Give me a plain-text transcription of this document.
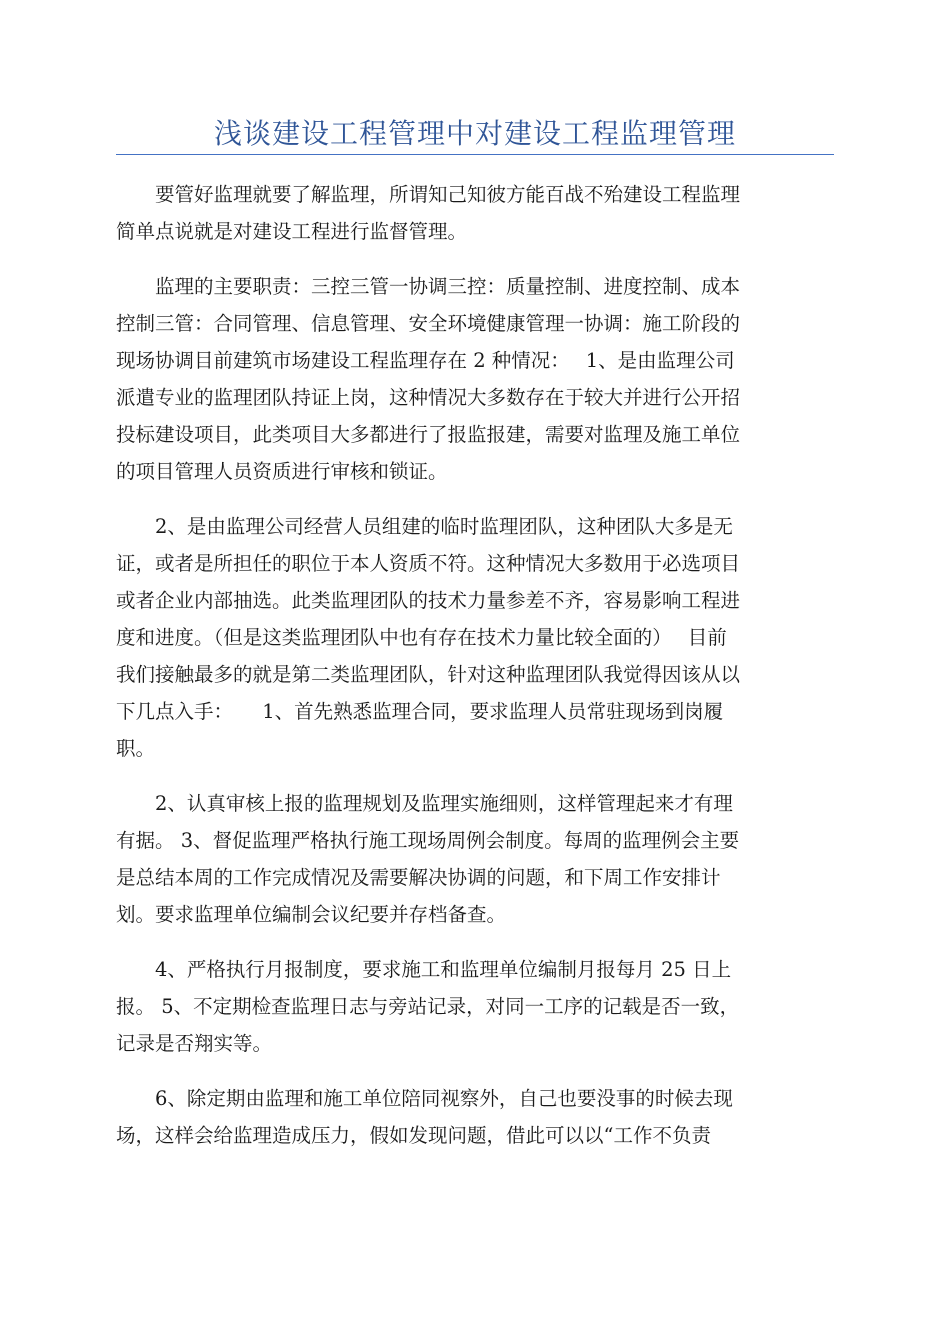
浅谈建设工程管理中对建设工程监理管理

　　要管好监理就要了解监理，所谓知己知彼方能百战不殆建设工程监理
简单点说就是对建设工程进行监督管理。

　　监理的主要职责：三控三管一协调三控：质量控制、进度控制、成本
控制三管：合同管理、信息管理、安全环境健康管理一协调：施工阶段的
现场协调目前建筑市场建设工程监理存在 2 种情况：　 1、是由监理公司
派遣专业的监理团队持证上岗，这种情况大多数存在于较大并进行公开招
投标建设项目，此类项目大多都进行了报监报建，需要对监理及施工单位
的项目管理人员资质进行审核和锁证。

　　2、是由监理公司经营人员组建的临时监理团队，这种团队大多是无
证，或者是所担任的职位于本人资质不符。这种情况大多数用于必选项目
或者企业内部抽选。此类监理团队的技术力量参差不齐，容易影响工程进
度和进度。（但是这类监理团队中也有存在技术力量比较全面的）　 目前
我们接触最多的就是第二类监理团队，针对这种监理团队我觉得因该从以
下几点入手：　　1、首先熟悉监理合同，要求监理人员常驻现场到岗履
职。

　　2、认真审核上报的监理规划及监理实施细则，这样管理起来才有理
有据。 3、督促监理严格执行施工现场周例会制度。每周的监理例会主要
是总结本周的工作完成情况及需要解决协调的问题，和下周工作安排计
划。要求监理单位编制会议纪要并存档备查。

　　4、严格执行月报制度，要求施工和监理单位编制月报每月 25 日上
报。 5、不定期检查监理日志与旁站记录，对同一工序的记载是否一致，
记录是否翔实等。

　　6、除定期由监理和施工单位陪同视察外，自己也要没事的时候去现
场，这样会给监理造成压力，假如发现问题，借此可以以“工作不负责
